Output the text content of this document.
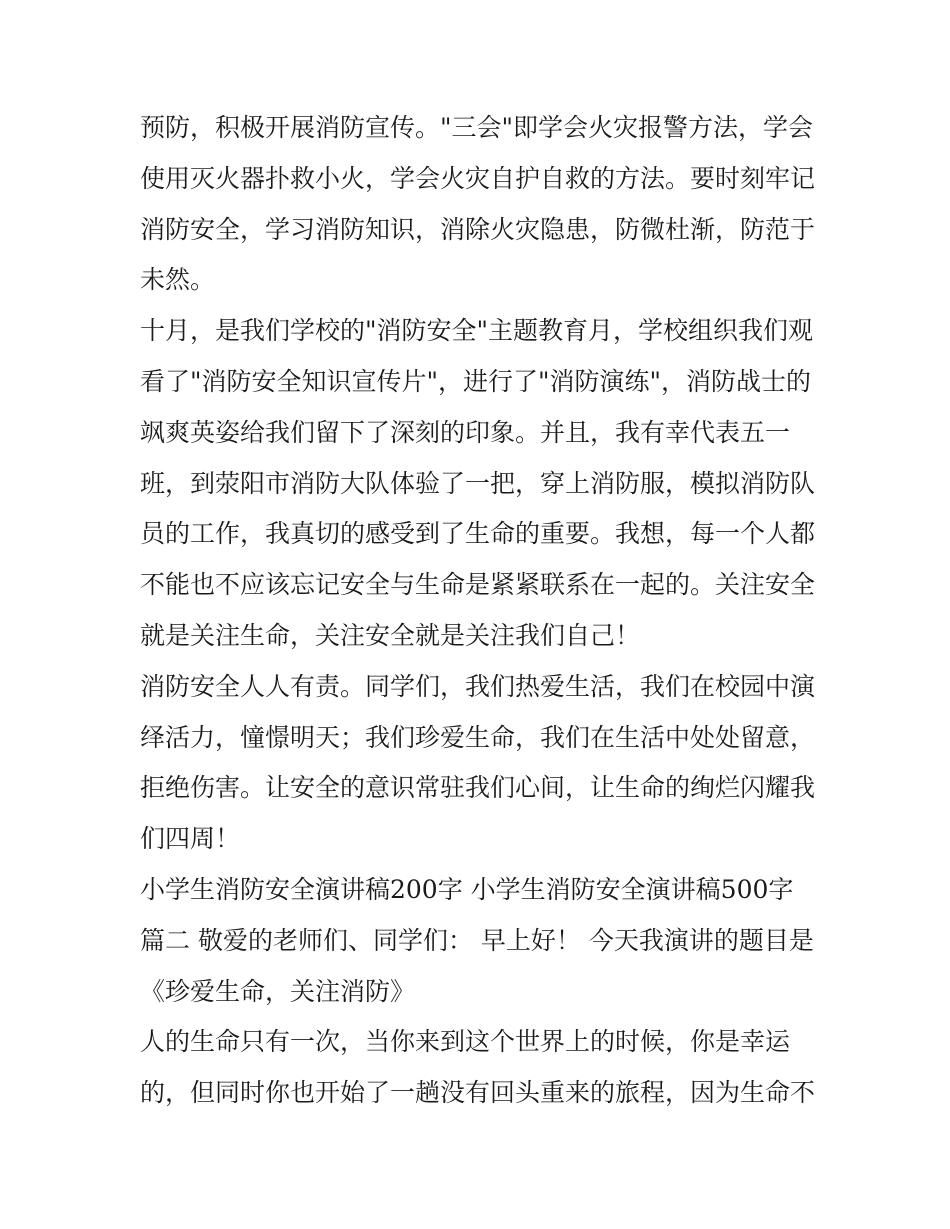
预防，积极开展消防宣传。"三会"即学会火灾报警方法，学会
使用灭火器扑救小火，学会火灾自护自救的方法。要时刻牢记
消防安全，学习消防知识，消除火灾隐患，防微杜渐，防范于
未然。
十月，是我们学校的"消防安全"主题教育月，学校组织我们观
看了"消防安全知识宣传片"，进行了"消防演练"，消防战士的
飒爽英姿给我们留下了深刻的印象。并且，我有幸代表五一
班，到荥阳市消防大队体验了一把，穿上消防服，模拟消防队
员的工作，我真切的感受到了生命的重要。我想，每一个人都
不能也不应该忘记安全与生命是紧紧联系在一起的。关注安全
就是关注生命，关注安全就是关注我们自己！
消防安全人人有责。同学们，我们热爱生活，我们在校园中演
绎活力，憧憬明天；我们珍爱生命，我们在生活中处处留意，
拒绝伤害。让安全的意识常驻我们心间，让生命的绚烂闪耀我
们四周！
小学生消防安全演讲稿200字 小学生消防安全演讲稿500字
篇二 敬爱的老师们、同学们： 早上好！ 今天我演讲的题目是
《珍爱生命，关注消防》
人的生命只有一次，当你来到这个世界上的时候，你是幸运
的，但同时你也开始了一趟没有回头重来的旅程，因为生命不
